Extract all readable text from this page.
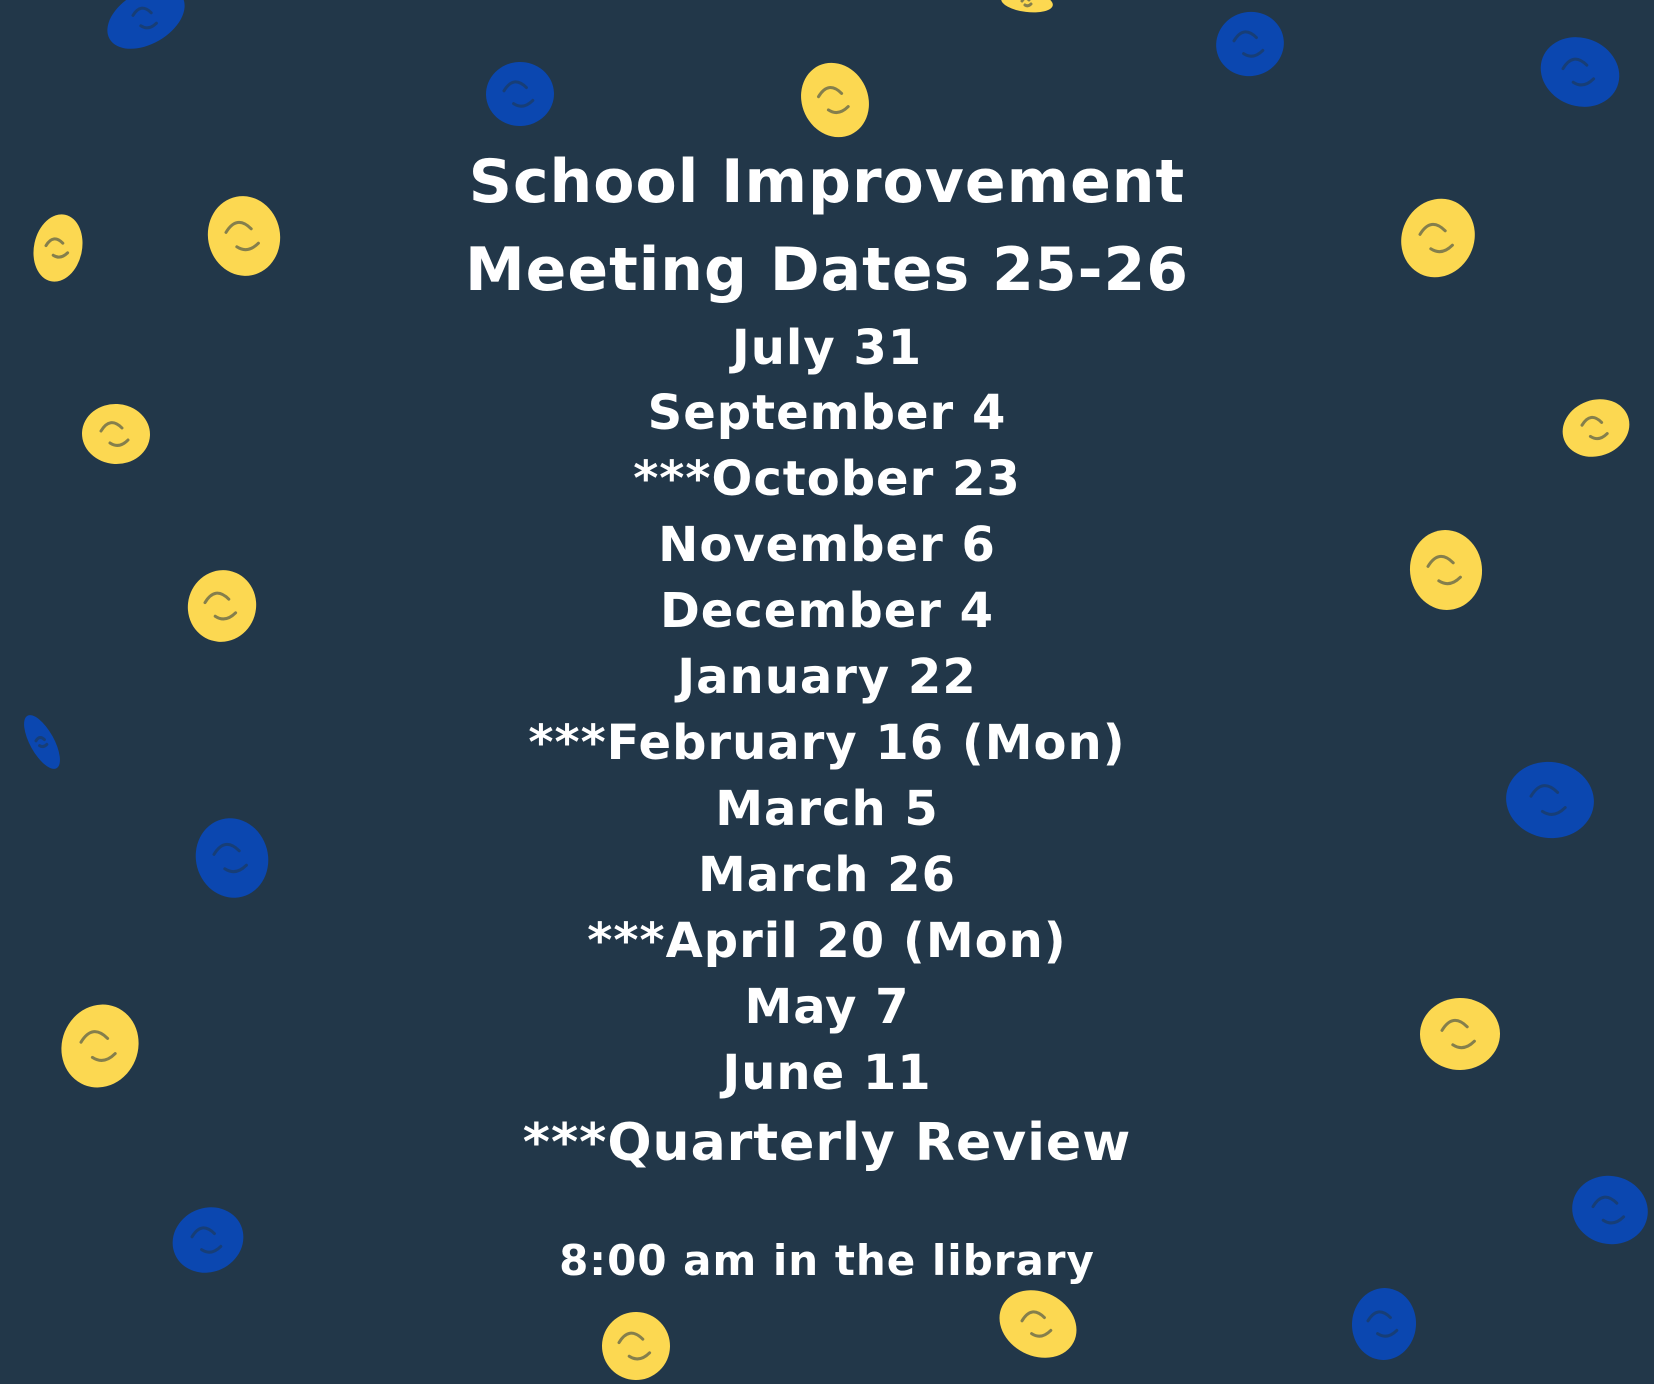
School Improvement
Meeting Dates 25-26
July 31
September 4
***October 23
November 6
December 4
January 22
***February 16 (Mon)
March 5
March 26
***April 20 (Mon)
May 7
June 11
***Quarterly Review
8:00 am in the library
